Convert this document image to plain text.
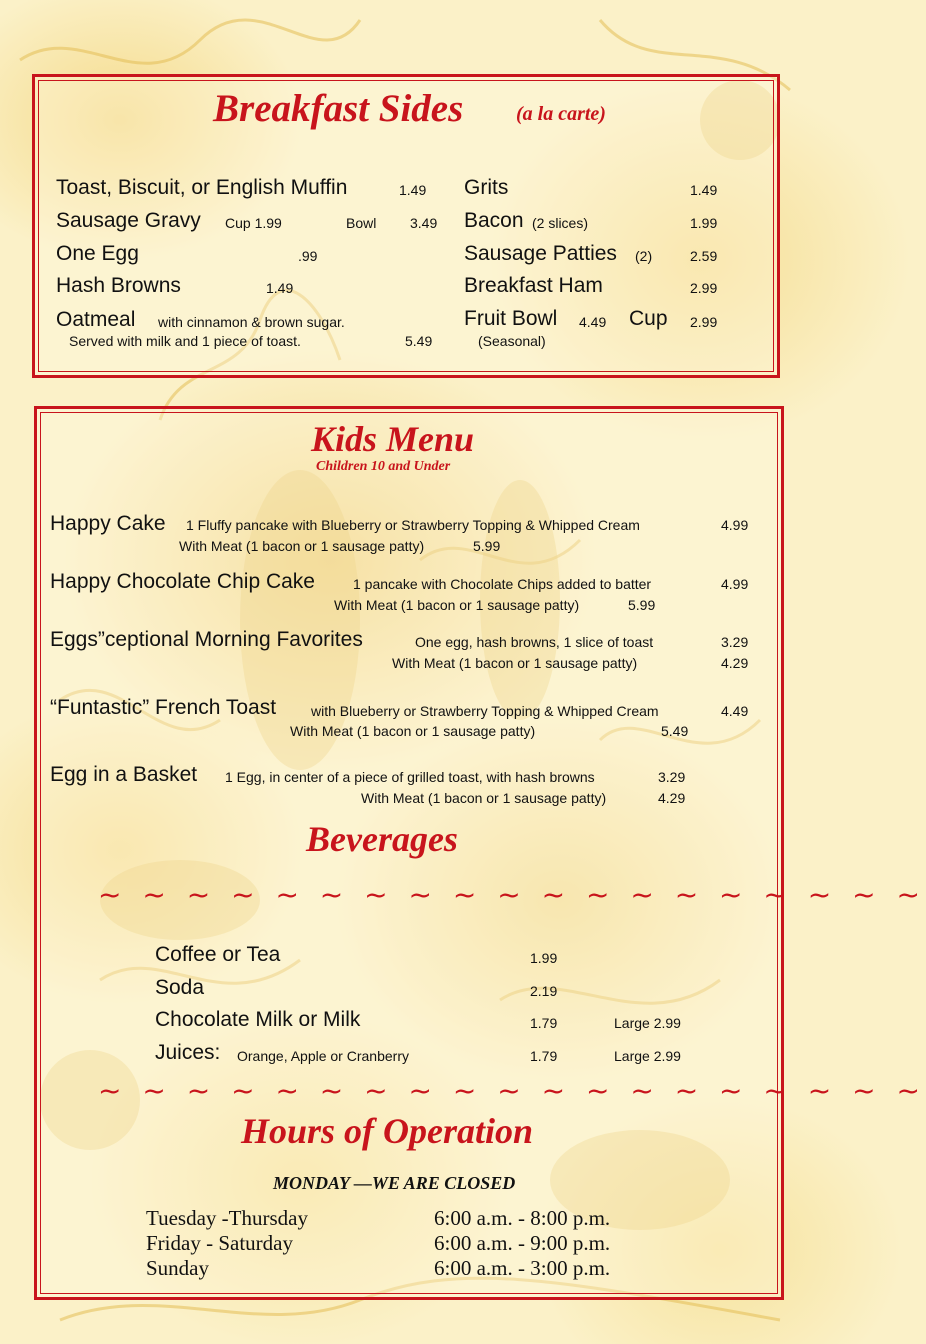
Breakfast Sides	(a la carte)
Toast, Biscuit, or English Muffin	1.49
Sausage Gravy Cup 1.99	Bowl 3.49
One Egg	.99
Hash Browns	1.49
Oatmeal with cinnamon & brown sugar.
Served with milk and 1 piece of toast.	5.49
Grits	1.49
Bacon (2 slices)	1.99
Sausage Patties (2)	2.59
Breakfast Ham	2.99
Fruit Bowl 4.49 Cup 2.99
(Seasonal)
Kids Menu
Children 10 and Under
Happy Cake 1 Fluffy pancake with Blueberry or Strawberry Topping & Whipped Cream	4.99
With Meat (1 bacon or 1 sausage patty)	5.99
Happy Chocolate Chip Cake	1 pancake with Chocolate Chips added to batter	4.99
With Meat (1 bacon or 1 sausage patty)	5.99
Eggs”ceptional Morning Favorites	One egg, hash browns, 1 slice of toast	3.29
With Meat (1 bacon or 1 sausage patty)	4.29
“Funtastic” French Toast with Blueberry or Strawberry Topping & Whipped Cream	4.49
With Meat (1 bacon or 1 sausage patty)	5.49
Egg in a Basket 1 Egg, in center of a piece of grilled toast, with hash browns	3.29
With Meat (1 bacon or 1 sausage patty)	4.29
Beverages
~ ~ ~ ~ ~ ~ ~ ~ ~ ~ ~ ~ ~ ~ ~ ~ ~ ~ ~
Coffee or Tea	1.99
Soda	2.19
Chocolate Milk or Milk	1.79	Large 2.99
Juices: Orange, Apple or Cranberry	1.79	Large 2.99
~ ~ ~ ~ ~ ~ ~ ~ ~ ~ ~ ~ ~ ~ ~ ~ ~ ~ ~
Hours of Operation
MONDAY —WE ARE CLOSED
Tuesday -Thursday	6:00 a.m. - 8:00 p.m.
Friday - Saturday	6:00 a.m. - 9:00 p.m.
Sunday	6:00 a.m. - 3:00 p.m.
